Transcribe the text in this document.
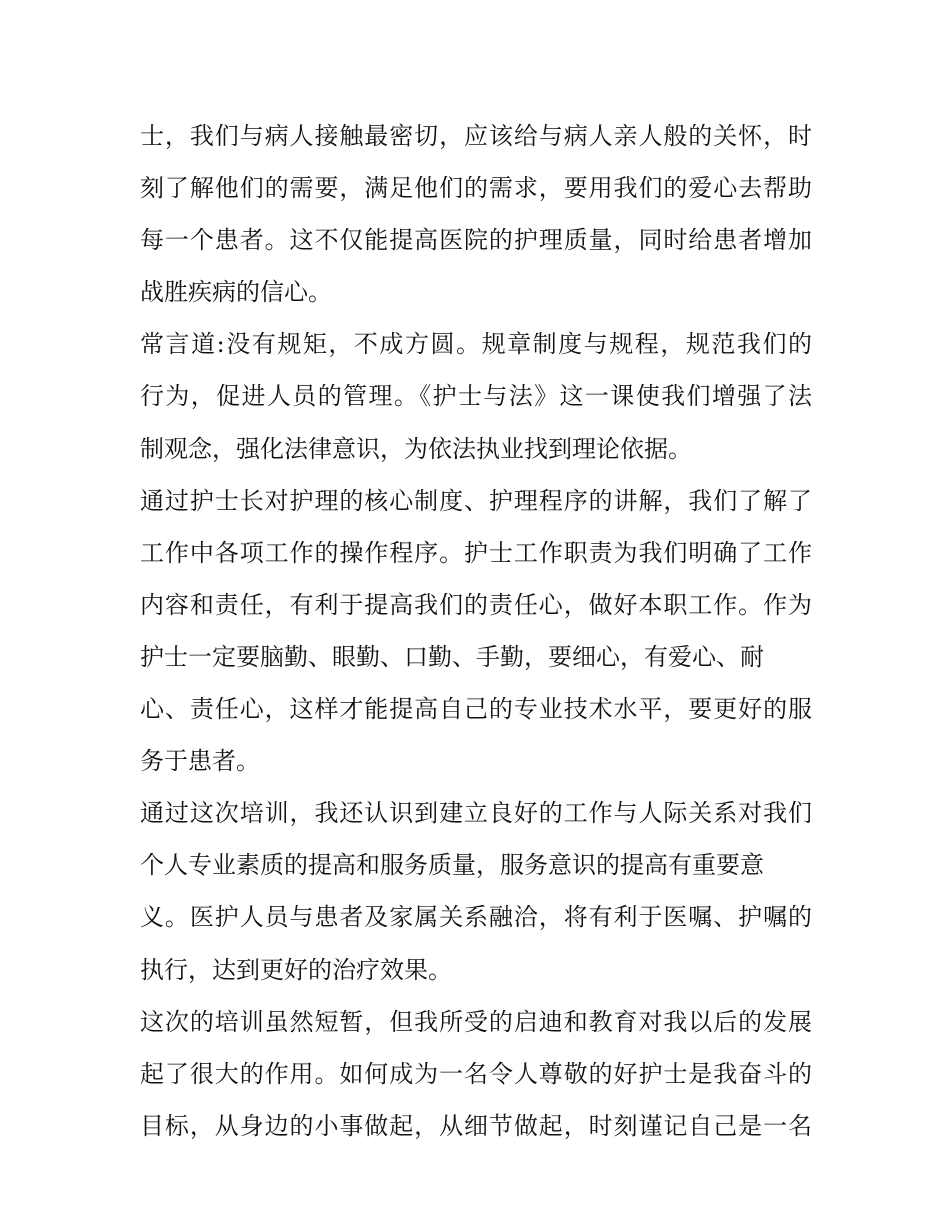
士，我们与病人接触最密切，应该给与病人亲人般的关怀，时
刻了解他们的需要，满足他们的需求，要用我们的爱心去帮助
每一个患者。这不仅能提高医院的护理质量，同时给患者增加
战胜疾病的信心。
常言道:没有规矩，不成方圆。规章制度与规程，规范我们的
行为，促进人员的管理。《护士与法》这一课使我们增强了法
制观念，强化法律意识，为依法执业找到理论依据。
通过护士长对护理的核心制度、护理程序的讲解，我们了解了
工作中各项工作的操作程序。护士工作职责为我们明确了工作
内容和责任，有利于提高我们的责任心，做好本职工作。作为
护士一定要脑勤、眼勤、口勤、手勤，要细心，有爱心、耐
心、责任心，这样才能提高自己的专业技术水平，要更好的服
务于患者。
通过这次培训，我还认识到建立良好的工作与人际关系对我们
个人专业素质的提高和服务质量，服务意识的提高有重要意
义。医护人员与患者及家属关系融洽，将有利于医嘱、护嘱的
执行，达到更好的治疗效果。
这次的培训虽然短暂，但我所受的启迪和教育对我以后的发展
起了很大的作用。如何成为一名令人尊敬的好护士是我奋斗的
目标，从身边的小事做起，从细节做起，时刻谨记自己是一名
